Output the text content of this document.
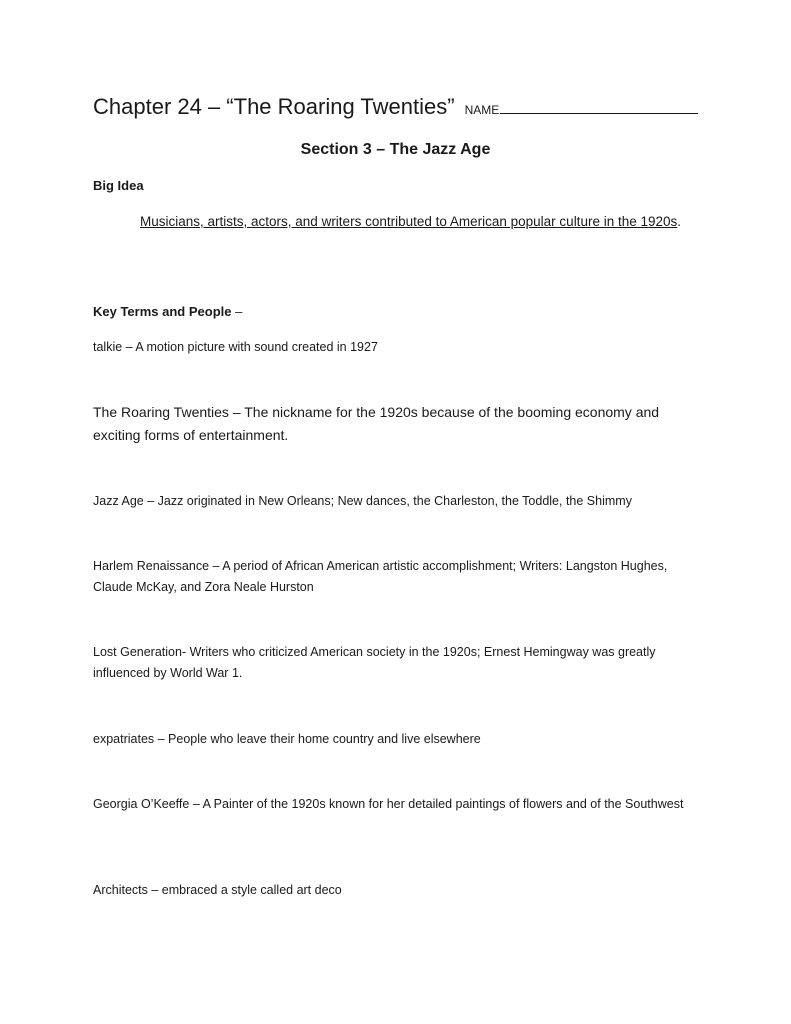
Chapter 24 – “The Roaring Twenties” NAME
Section 3 – The Jazz Age
Big Idea
Musicians, artists, actors, and writers contributed to American popular culture in the 1920s.
Key Terms and People –
talkie – A motion picture with sound created in 1927
The Roaring Twenties – The nickname for the 1920s because of the booming economy and exciting forms of entertainment.
Jazz Age – Jazz originated in New Orleans; New dances, the Charleston, the Toddle, the Shimmy
Harlem Renaissance – A period of African American artistic accomplishment; Writers: Langston Hughes, Claude McKay, and Zora Neale Hurston
Lost Generation- Writers who criticized American society in the 1920s; Ernest Hemingway was greatly influenced by World War 1.
expatriates – People who leave their home country and live elsewhere
Georgia O’Keeffe – A Painter of the 1920s known for her detailed paintings of flowers and of the Southwest
Architects – embraced a style called art deco
